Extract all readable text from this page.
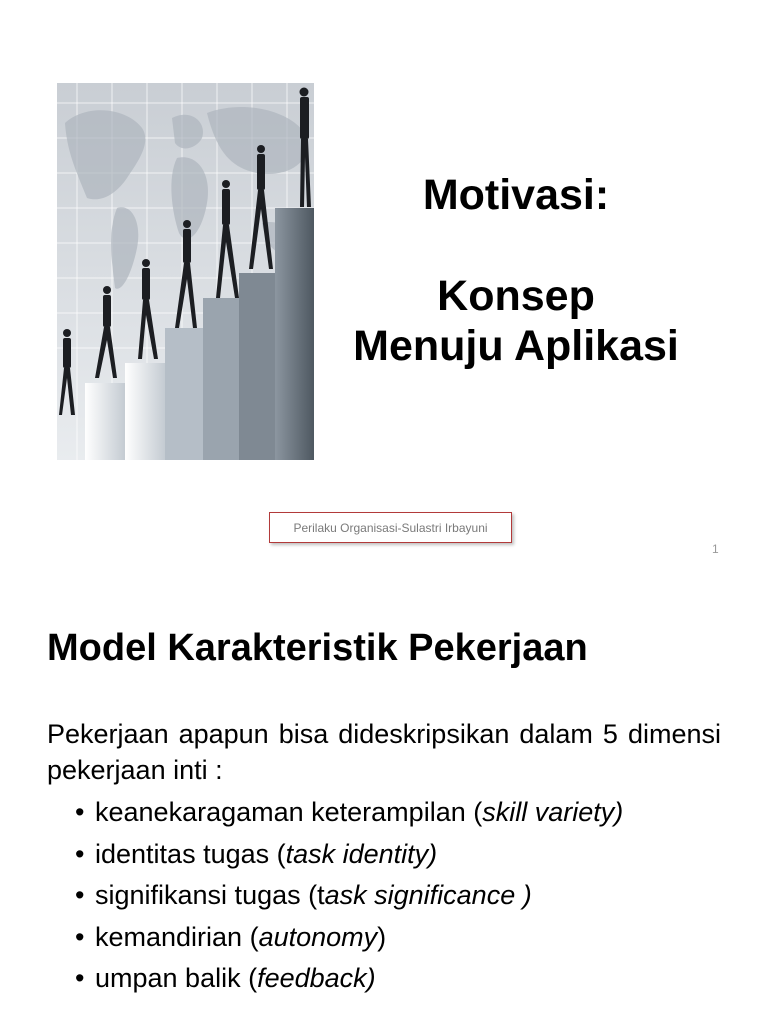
Motivasi:
Konsep
Menuju Aplikasi
Perilaku Organisasi-Sulastri Irbayuni
1
Model Karakteristik Pekerjaan
Pekerjaan apapun bisa dideskripsikan dalam 5 dimensi pekerjaan inti :
• keanekaragaman keterampilan (skill variety)
• identitas tugas (task identity)
• signifikansi tugas (task significance )
• kemandirian (autonomy)
• umpan balik (feedback)
